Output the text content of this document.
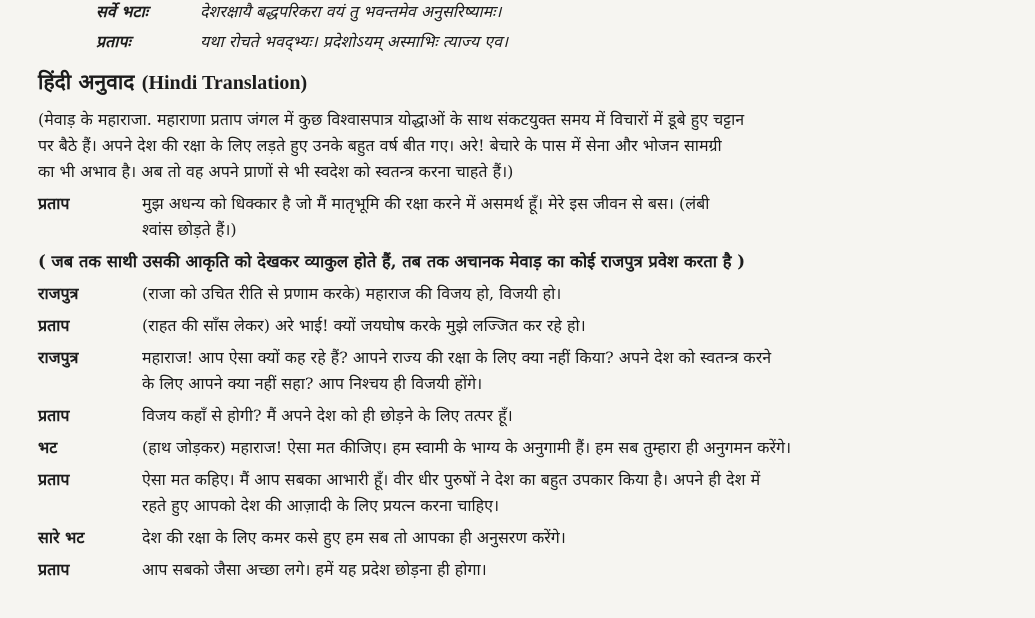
सर्वे भटाः	देशरक्षायै बद्धपरिकरा वयं तु भवन्तमेव अनुसरिष्यामः।
प्रतापः	यथा रोचते भवद्भ्यः। प्रदेशोऽयम् अस्माभिः त्याज्य एव।
हिंदी अनुवाद (Hindi Translation)
(मेवाड़ के महाराजा. महाराणा प्रताप जंगल में कुछ विश्वासपात्र योद्धाओं के साथ संकटयुक्त समय में विचारों में डूबे हुए चट्टान
पर बैठे हैं। अपने देश की रक्षा के लिए लड़ते हुए उनके बहुत वर्ष बीत गए। अरे! बेचारे के पास में सेना और भोजन सामग्री
का भी अभाव है। अब तो वह अपने प्राणों से भी स्वदेश को स्वतन्त्र करना चाहते हैं।)
प्रताप	मुझ अधन्य को धिक्कार है जो मैं मातृभूमि की रक्षा करने में असमर्थ हूँ। मेरे इस जीवन से बस। (लंबी
श्वांस छोड़ते हैं।)
( जब तक साथी उसकी आकृति को देखकर व्याकुल होते हैं, तब तक अचानक मेवाड़ का कोई राजपुत्र प्रवेश करता है )
राजपुत्र	(राजा को उचित रीति से प्रणाम करके) महाराज की विजय हो, विजयी हो।
प्रताप	(राहत की साँस लेकर) अरे भाई! क्यों जयघोष करके मुझे लज्जित कर रहे हो।
राजपुत्र	महाराज! आप ऐसा क्यों कह रहे हैं? आपने राज्य की रक्षा के लिए क्या नहीं किया? अपने देश को स्वतन्त्र करने
के लिए आपने क्या नहीं सहा? आप निश्चय ही विजयी होंगे।
प्रताप	विजय कहाँ से होगी? मैं अपने देश को ही छोड़ने के लिए तत्पर हूँ।
भट	(हाथ जोड़कर) महाराज! ऐसा मत कीजिए। हम स्वामी के भाग्य के अनुगामी हैं। हम सब तुम्हारा ही अनुगमन करेंगे।
प्रताप	ऐसा मत कहिए। मैं आप सबका आभारी हूँ। वीर धीर पुरुषों ने देश का बहुत उपकार किया है। अपने ही देश में
रहते हुए आपको देश की आज़ादी के लिए प्रयत्न करना चाहिए।
सारे भट	देश की रक्षा के लिए कमर कसे हुए हम सब तो आपका ही अनुसरण करेंगे।
प्रताप	आप सबको जैसा अच्छा लगे। हमें यह प्रदेश छोड़ना ही होगा।
